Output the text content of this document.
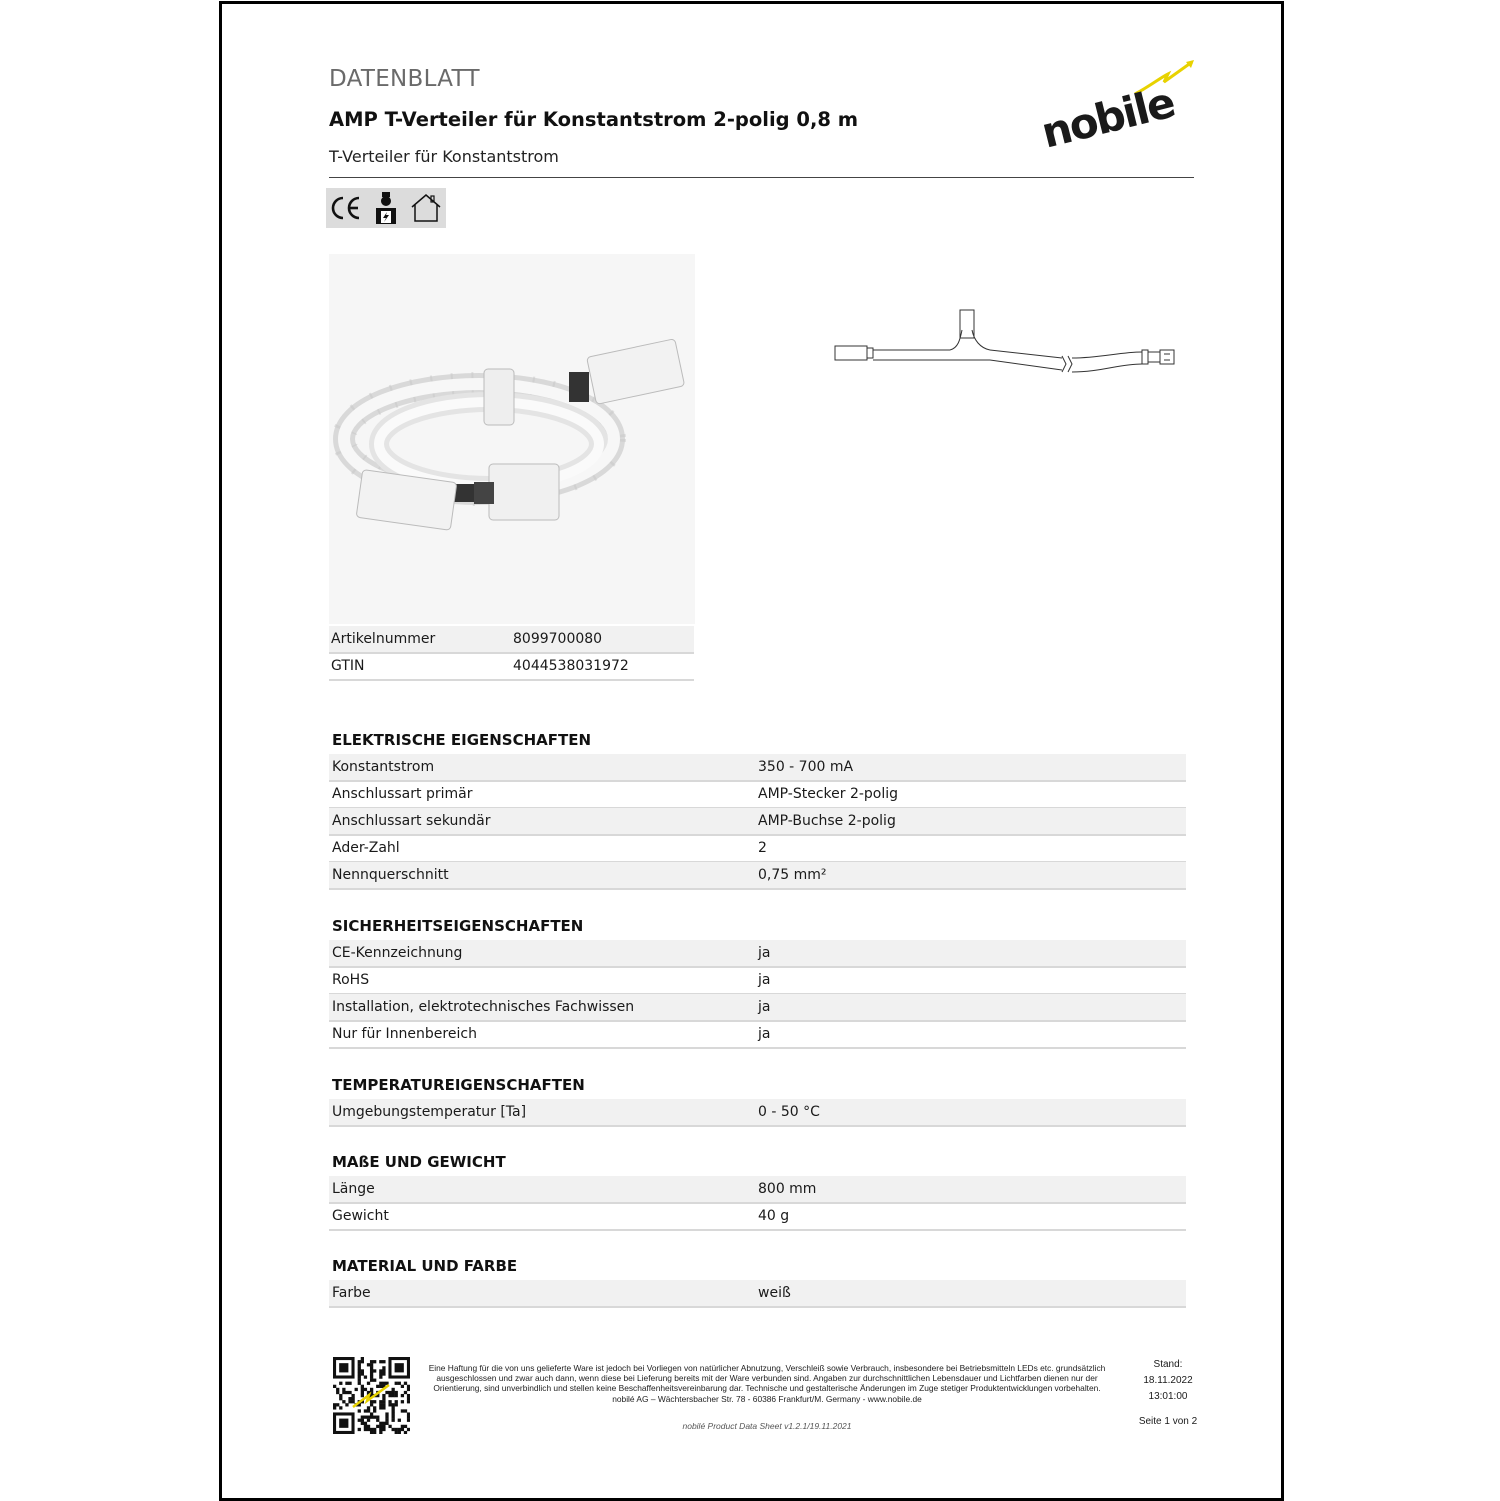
DATENBLATT
AMP T-Verteiler für Konstantstrom 2-polig 0,8 m
T-Verteiler für Konstantstrom	nobile
Artikelnummer	8099700080
GTIN	4044538031972
ELEKTRISCHE EIGENSCHAFTEN
Konstantstrom	350 - 700 mA
Anschlussart primär	AMP-Stecker 2-polig
Anschlussart sekundär	AMP-Buchse 2-polig
Ader-Zahl	2
Nennquerschnitt	0,75 mm²
SICHERHEITSEIGENSCHAFTEN
CE-Kennzeichnung	ja
RoHS	ja
Installation, elektrotechnisches Fachwissen	ja
Nur für Innenbereich	ja
TEMPERATUREIGENSCHAFTEN
Umgebungstemperatur [Ta]	0 - 50 °C
MAßE UND GEWICHT
Länge	800 mm
Gewicht	40 g
MATERIAL UND FARBE
Farbe	weiß
Eine Haftung für die von uns gelieferte Ware ist jedoch bei Vorliegen von natürlicher Abnutzung, Verschleiß sowie Verbrauch, insbesondere bei Betriebsmitteln LEDs etc. grundsätzlich ausgeschlossen und zwar auch dann, wenn diese bei Lieferung bereits mit der Ware verbunden sind. Angaben zur durchschnittlichen Lebensdauer und Lichtfarben dienen nur der Orientierung, sind unverbindlich und stellen keine Beschaffenheitsvereinbarung dar. Technische und gestalterische Änderungen im Zuge stetiger Produktentwicklungen vorbehalten. nobilé AG – Wächtersbacher Str. 78 - 60386 Frankfurt/M. Germany - www.nobile.de
nobilé Product Data Sheet v1.2.1/19.11.2021
Stand:
18.11.2022
13:01:00
Seite 1 von 2
